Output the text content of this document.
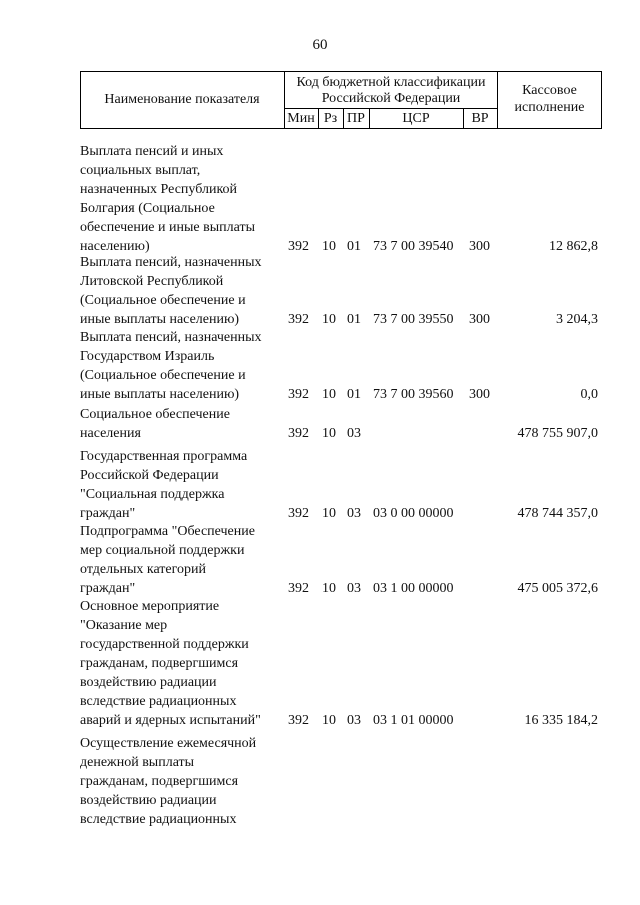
60
Наименование показателя
Код бюджетной классификации
Российской Федерации
Кассовое
исполнение
Мин Рз ПР	ЦСР	ВР
Выплата пенсий и иных
социальных выплат,
назначенных Республикой
Болгария (Социальное
обеспечение и иные выплаты
населению)	392 10 01 73 7 00 39540 300	12 862,8
Выплата пенсий, назначенных
Литовской Республикой
(Социальное обеспечение и
иные выплаты населению)	392 10 01 73 7 00 39550 300	3 204,3
Выплата пенсий, назначенных
Государством Израиль
(Социальное обеспечение и
иные выплаты населению)	392 10 01 73 7 00 39560 300	0,0
Социальное обеспечение
населения	392 10 03	478 755 907,0
Государственная программа
Российской Федерации
"Социальная поддержка
граждан"	392 10 03 03 0 00 00000	478 744 357,0
Подпрограмма "Обеспечение
мер социальной поддержки
отдельных категорий
граждан"	392 10 03 03 1 00 00000	475 005 372,6
Основное мероприятие
"Оказание мер
государственной поддержки
гражданам, подвергшимся
воздействию радиации
вследствие радиационных
аварий и ядерных испытаний"	392 10 03 03 1 01 00000	16 335 184,2
Осуществление ежемесячной
денежной выплаты
гражданам, подвергшимся
воздействию радиации
вследствие радиационных
